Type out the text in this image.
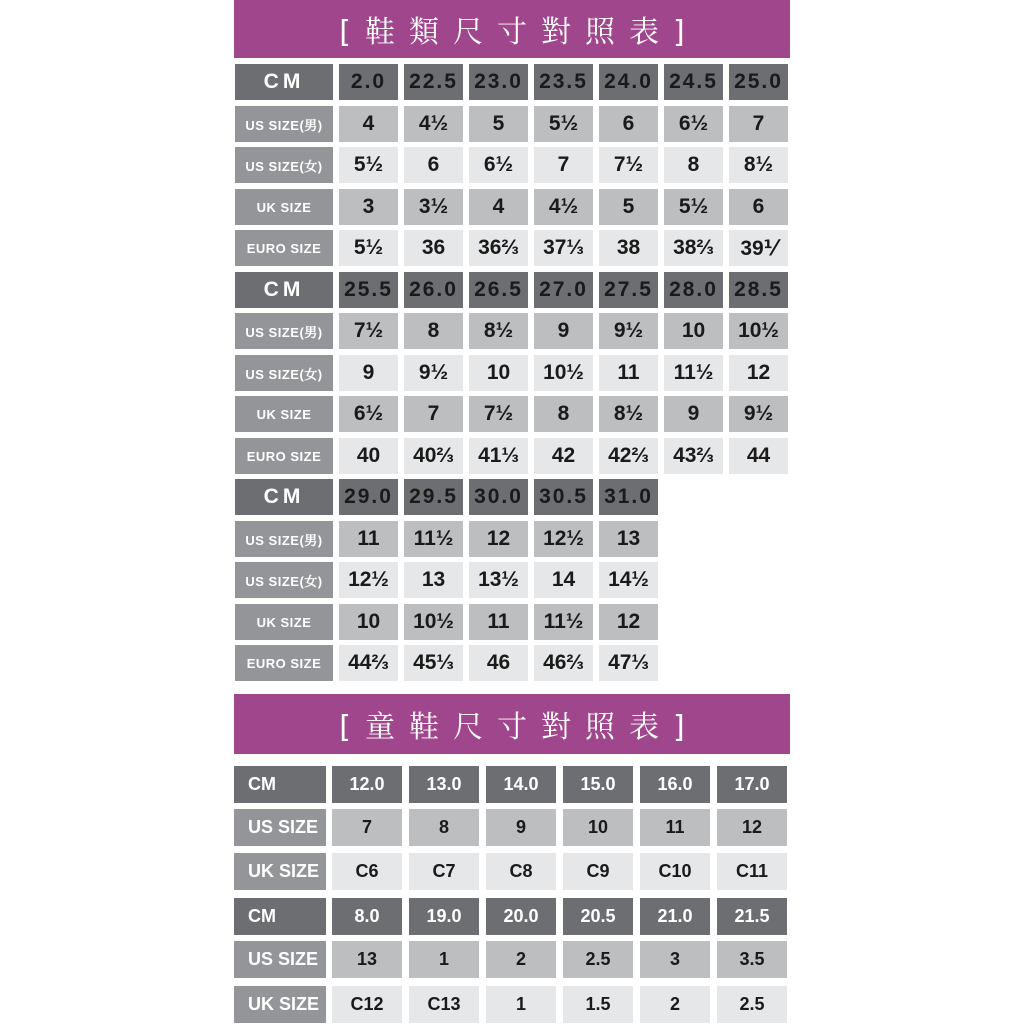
[鞋類尺寸對照表]
CM	2.0	22.5 23.0 23.5 24.0 24.5 25.0
US SIZE(男)	4	4½	5	5½	6	6½	7
US SIZE(女)	5½	6	6½	7	7½	8	8½
UK SIZE	3	3½	4	4½	5	5½	6
EURO SIZE	5½	36	36⅔	37⅓	38	38⅔	39⅟
CM	25.5 26.0 26.5 27.0 27.5 28.0 28.5
US SIZE(男)	7½	8	8½	9	9½	10	10½
US SIZE(女)	9	9½	10	10½	11	11½	12
UK SIZE	6½	7	7½	8	8½	9	9½
EURO SIZE	40	40⅔	41⅓	42	42⅔	43⅔	44
CM	29.0 29.5 30.0 30.5 31.0
US SIZE(男)	11	11½	12	12½	13
US SIZE(女)	12½	13	13½	14	14½
UK SIZE	10	10½	11	11½	12
EURO SIZE	44⅔	45⅓	46	46⅔	47⅓
[童鞋尺寸對照表]
CM	12.0	13.0	14.0	15.0	16.0	17.0
US SIZE	7	8	9	10	11	12
UK SIZE	C6	C7	C8	C9	C10	C11
CM	8.0	19.0	20.0	20.5	21.0	21.5
US SIZE	13	1	2	2.5	3	3.5
UK SIZE	C12	C13	1	1.5	2	2.5
